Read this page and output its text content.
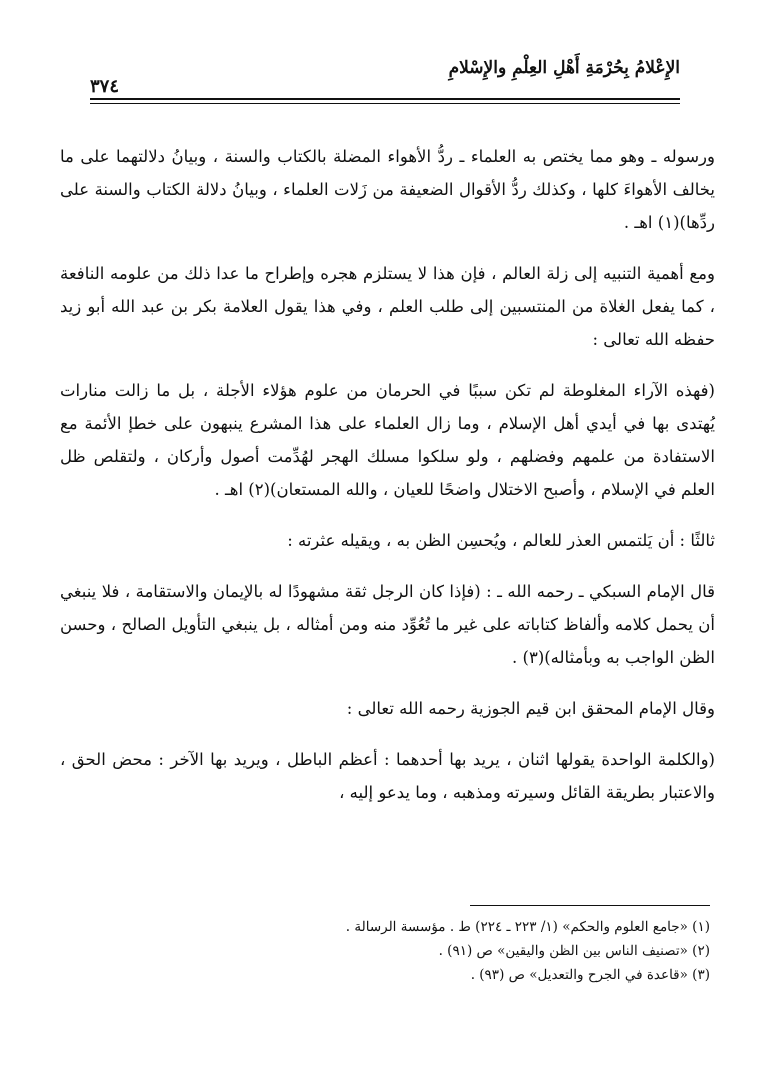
الإِعْلامُ بِحُرْمَةِ أَهْلِ العِلْمِ والإِسْلامِ
٣٧٤

ورسوله ـ وهو مما يختص به العلماء ـ ردُّ الأهواء المضلة بالكتاب والسنة ، وبيانُ دلالتهما على ما يخالف الأهواءَ كلها ، وكذلك ردُّ الأقوال الضعيفة من زَلات العلماء ، وبيانُ دلالة الكتاب والسنة على ردِّها)(١) اهـ .

ومع أهمية التنبيه إلى زلة العالم ، فإن هذا لا يستلزم هجره وإطراح ما عدا ذلك من علومه النافعة ، كما يفعل الغلاة من المنتسبين إلى طلب العلم ، وفي هذا يقول العلامة بكر بن عبد الله أبو زيد حفظه الله تعالى :

(فهذه الآراء المغلوطة لم تكن سببًا في الحرمان من علوم هؤلاء الأجلة ، بل ما زالت منارات يُهتدى بها في أيدي أهل الإسلام ، وما زال العلماء على هذا المشرع ينبهون على خطإ الأئمة مع الاستفادة من علمهم وفضلهم ، ولو سلكوا مسلك الهجر لهُدِّمت أصول وأركان ، ولتقلص ظل العلم في الإسلام ، وأصبح الاختلال واضحًا للعيان ، والله المستعان)(٢) اهـ .

ثالثًا : أن يَلتمس العذر للعالم ، ويُحسِن الظن به ، ويقيله عثرته :

قال الإمام السبكي ـ رحمه الله ـ : (فإذا كان الرجل ثقة مشهودًا له بالإيمان والاستقامة ، فلا ينبغي أن يحمل كلامه وألفاظ كتاباته على غير ما تُعُوِّد منه ومن أمثاله ، بل ينبغي التأويل الصالح ، وحسن الظن الواجب به وبأمثاله)(٣) .

وقال الإمام المحقق ابن قيم الجوزية رحمه الله تعالى :

(والكلمة الواحدة يقولها اثنان ، يريد بها أحدهما : أعظم الباطل ، ويريد بها الآخر : محض الحق ، والاعتبار بطريقة القائل وسيرته ومذهبه ، وما يدعو إليه ،

(١) «جامع العلوم والحكم» (١/ ٢٢٣ ـ ٢٢٤) ط . مؤسسة الرسالة .

(٢) «تصنيف الناس بين الظن واليقين» ص (٩١) .

(٣) «قاعدة في الجرح والتعديل» ص (٩٣) .
